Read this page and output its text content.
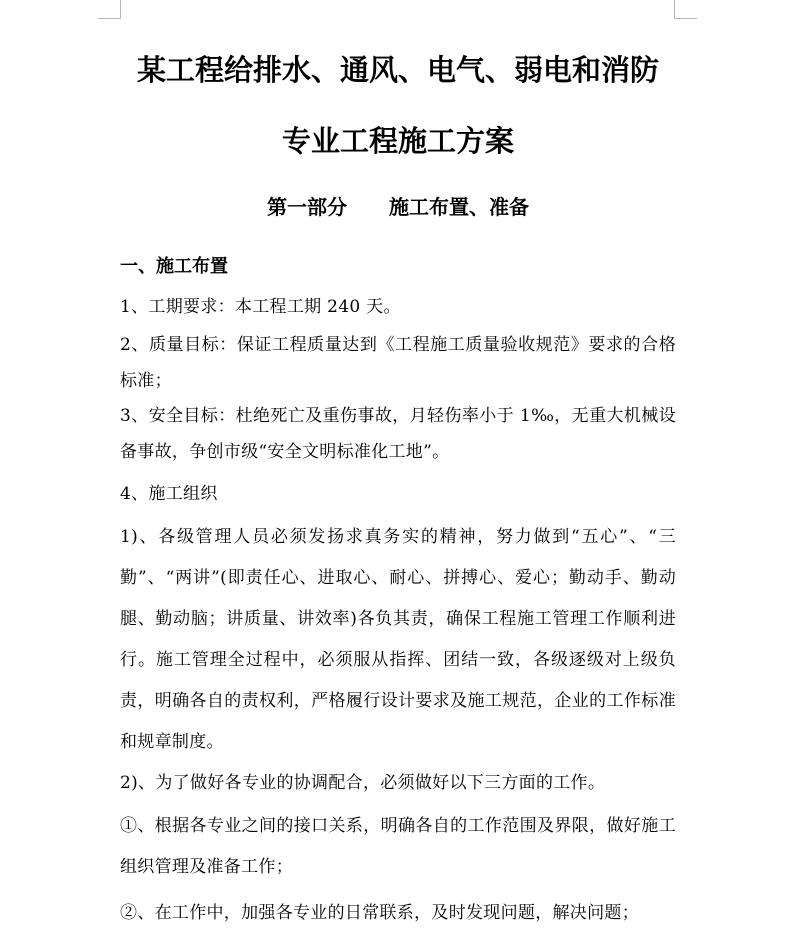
某工程给排水、通风、电气、弱电和消防
专业工程施工方案
第一部分 施工布置、准备
一、施工布置
1、工期要求：本工程工期 240 天。
2、质量目标：保证工程质量达到《工程施工质量验收规范》要求的合格标准；
3、安全目标：杜绝死亡及重伤事故，月轻伤率小于 1‰，无重大机械设备事故，争创市级“安全文明标准化工地”。
4、施工组织
1)、各级管理人员必须发扬求真务实的精神，努力做到“五心”、“三勤”、“两讲”(即责任心、进取心、耐心、拼搏心、爱心；勤动手、勤动腿、勤动脑；讲质量、讲效率)各负其责，确保工程施工管理工作顺利进行。施工管理全过程中，必须服从指挥、团结一致，各级逐级对上级负责，明确各自的责权利，严格履行设计要求及施工规范，企业的工作标准和规章制度。
2)、为了做好各专业的协调配合，必须做好以下三方面的工作。
①、根据各专业之间的接口关系，明确各自的工作范围及界限，做好施工组织管理及准备工作；
②、在工作中，加强各专业的日常联系，及时发现问题，解决问题；
